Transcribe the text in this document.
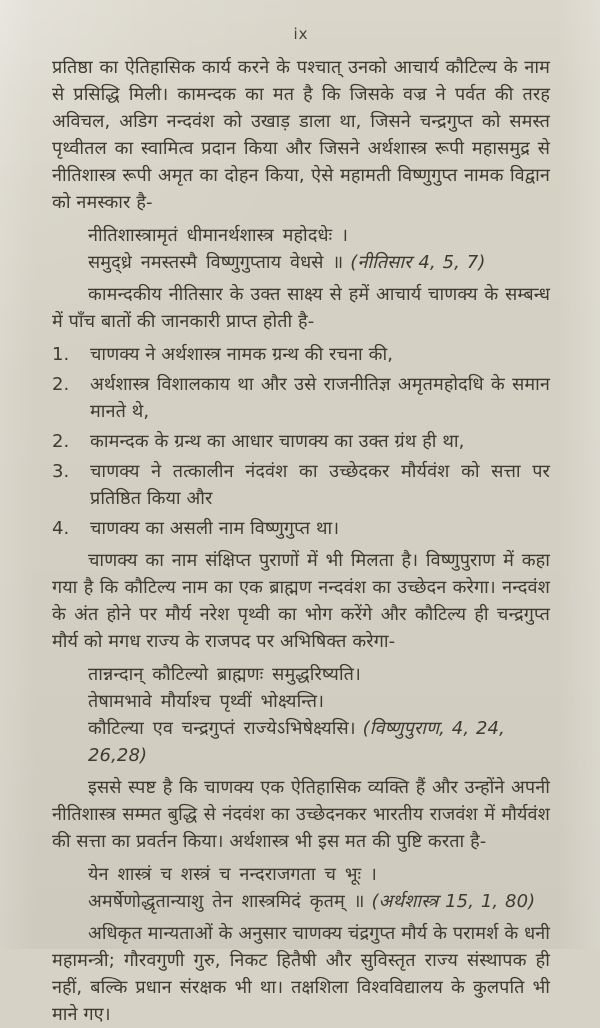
ix

प्रतिष्ठा का ऐतिहासिक कार्य करने के पश्चात् उनको आचार्य कौटिल्य के नाम से प्रसिद्धि मिली। कामन्दक का मत है कि जिसके वज्र ने पर्वत की तरह अविचल, अडिग नन्दवंश को उखाड़ डाला था, जिसने चन्द्रगुप्त को समस्त पृथ्वीतल का स्वामित्व प्रदान किया और जिसने अर्थशास्त्र रूपी महासमुद्र से नीतिशास्त्र रूपी अमृत का दोहन किया, ऐसे महामती विष्णुगुप्त नामक विद्वान को नमस्कार है-

नीतिशास्त्रामृतं धीमानर्थशास्त्र महोदधेः ।
समुद्ध्रे नमस्तस्मै विष्णुगुप्ताय वेधसे ॥ (नीतिसार 4, 5, 7)

कामन्दकीय नीतिसार के उक्त साक्ष्य से हमें आचार्य चाणक्य के सम्बन्ध में पाँच बातों की जानकारी प्राप्त होती है-

1.	चाणक्य ने अर्थशास्त्र नामक ग्रन्थ की रचना की,
2.	अर्थशास्त्र विशालकाय था और उसे राजनीतिज्ञ अमृतमहोदधि के समान मानते थे,
2.	कामन्दक के ग्रन्थ का आधार चाणक्य का उक्त ग्रंथ ही था,
3.	चाणक्य ने तत्कालीन नंदवंश का उच्छेदकर मौर्यवंश को सत्ता पर प्रतिष्ठित किया और
4.	चाणक्य का असली नाम विष्णुगुप्त था।

चाणक्य का नाम संक्षिप्त पुराणों में भी मिलता है। विष्णुपुराण में कहा गया है कि कौटिल्य नाम का एक ब्राह्मण नन्दवंश का उच्छेदन करेगा। नन्दवंश के अंत होने पर मौर्य नरेश पृथ्वी का भोग करेंगे और कौटिल्य ही चन्द्रगुप्त मौर्य को मगध राज्य के राजपद पर अभिषिक्त करेगा-

तान्नन्दान् कौटिल्यो ब्राह्मणः समुद्धरिष्यति।
तेषामभावे मौर्याश्च पृथ्वीं भोक्ष्यन्ति।
कौटिल्या एव चन्द्रगुप्तं राज्येऽभिषेक्ष्यसि। (विष्णुपुराण, 4, 24, 26,28)

इससे स्पष्ट है कि चाणक्य एक ऐतिहासिक व्यक्ति हैं और उन्होंने अपनी नीतिशास्त्र सम्मत बुद्धि से नंदवंश का उच्छेदनकर भारतीय राजवंश में मौर्यवंश की सत्ता का प्रवर्तन किया। अर्थशास्त्र भी इस मत की पुष्टि करता है-

येन शास्त्रं च शस्त्रं च नन्दराजगता च भूः ।
अमर्षेणोद्धृतान्याशु तेन शास्त्रमिदं कृतम् ॥ (अर्थशास्त्र 15, 1, 80)

अधिकृत मान्यताओं के अनुसार चाणक्य चंद्रगुप्त मौर्य के परामर्श के धनी महामन्त्री; गौरवगुणी गुरु, निकट हितैषी और सुविस्तृत राज्य संस्थापक ही नहीं, बल्कि प्रधान संरक्षक भी था। तक्षशिला विश्वविद्यालय के कुलपति भी माने गए।
